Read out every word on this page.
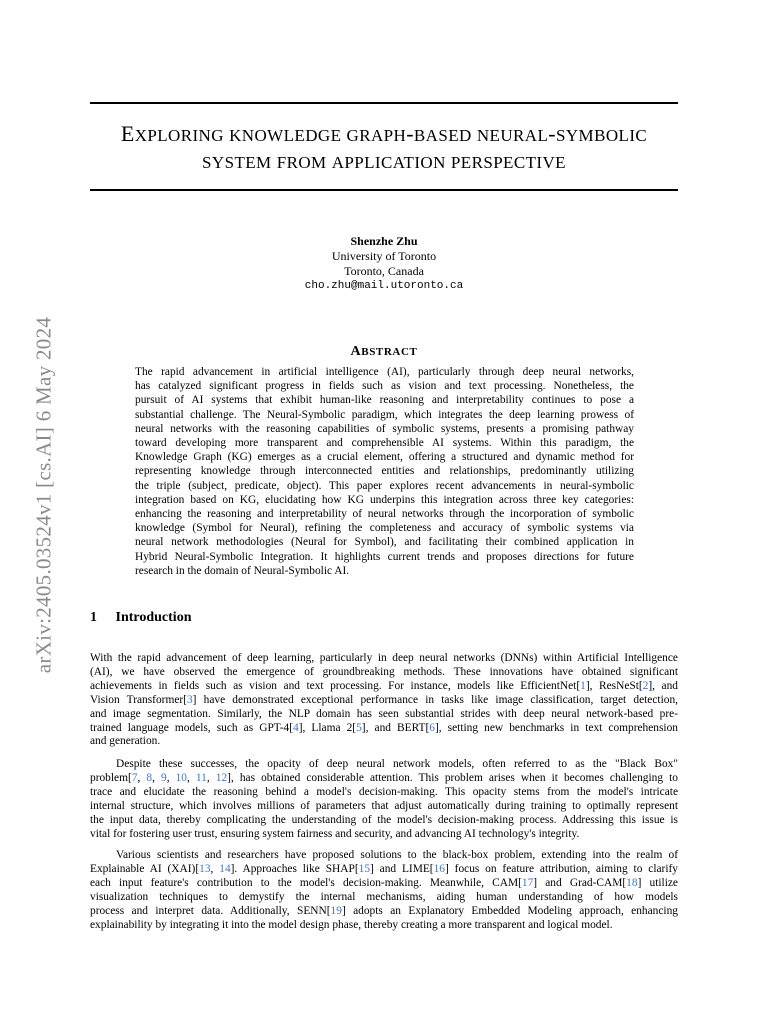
arXiv:2405.03524v1 [cs.AI] 6 May 2024
EXPLORING KNOWLEDGE GRAPH-BASED NEURAL-SYMBOLIC
SYSTEM FROM APPLICATION PERSPECTIVE
Shenzhe Zhu
University of Toronto
Toronto, Canada
cho.zhu@mail.utoronto.ca
ABSTRACT
The rapid advancement in artificial intelligence (AI), particularly through deep neural networks,
has catalyzed significant progress in fields such as vision and text processing. Nonetheless, the
pursuit of AI systems that exhibit human-like reasoning and interpretability continues to pose a
substantial challenge. The Neural-Symbolic paradigm, which integrates the deep learning prowess of
neural networks with the reasoning capabilities of symbolic systems, presents a promising pathway
toward developing more transparent and comprehensible AI systems. Within this paradigm, the
Knowledge Graph (KG) emerges as a crucial element, offering a structured and dynamic method for
representing knowledge through interconnected entities and relationships, predominantly utilizing
the triple (subject, predicate, object). This paper explores recent advancements in neural-symbolic
integration based on KG, elucidating how KG underpins this integration across three key categories:
enhancing the reasoning and interpretability of neural networks through the incorporation of symbolic
knowledge (Symbol for Neural), refining the completeness and accuracy of symbolic systems via
neural network methodologies (Neural for Symbol), and facilitating their combined application in
Hybrid Neural-Symbolic Integration. It highlights current trends and proposes directions for future
research in the domain of Neural-Symbolic AI.
1 Introduction
With the rapid advancement of deep learning, particularly in deep neural networks (DNNs) within Artificial Intelligence
(AI), we have observed the emergence of groundbreaking methods. These innovations have obtained significant
achievements in fields such as vision and text processing. For instance, models like EfficientNet[1], ResNeSt[2], and
Vision Transformer[3] have demonstrated exceptional performance in tasks like image classification, target detection,
and image segmentation. Similarly, the NLP domain has seen substantial strides with deep neural network-based pre-
trained language models, such as GPT-4[4], Llama 2[5], and BERT[6], setting new benchmarks in text comprehension
and generation.
Despite these successes, the opacity of deep neural network models, often referred to as the "Black Box"
problem[7, 8, 9, 10, 11, 12], has obtained considerable attention. This problem arises when it becomes challenging to
trace and elucidate the reasoning behind a model's decision-making. This opacity stems from the model's intricate
internal structure, which involves millions of parameters that adjust automatically during training to optimally represent
the input data, thereby complicating the understanding of the model's decision-making process. Addressing this issue is
vital for fostering user trust, ensuring system fairness and security, and advancing AI technology's integrity.
Various scientists and researchers have proposed solutions to the black-box problem, extending into the realm of
Explainable AI (XAI)[13, 14]. Approaches like SHAP[15] and LIME[16] focus on feature attribution, aiming to clarify
each input feature's contribution to the model's decision-making. Meanwhile, CAM[17] and Grad-CAM[18] utilize
visualization techniques to demystify the internal mechanisms, aiding human understanding of how models
process and interpret data. Additionally, SENN[19] adopts an Explanatory Embedded Modeling approach, enhancing
explainability by integrating it into the model design phase, thereby creating a more transparent and logical model.
